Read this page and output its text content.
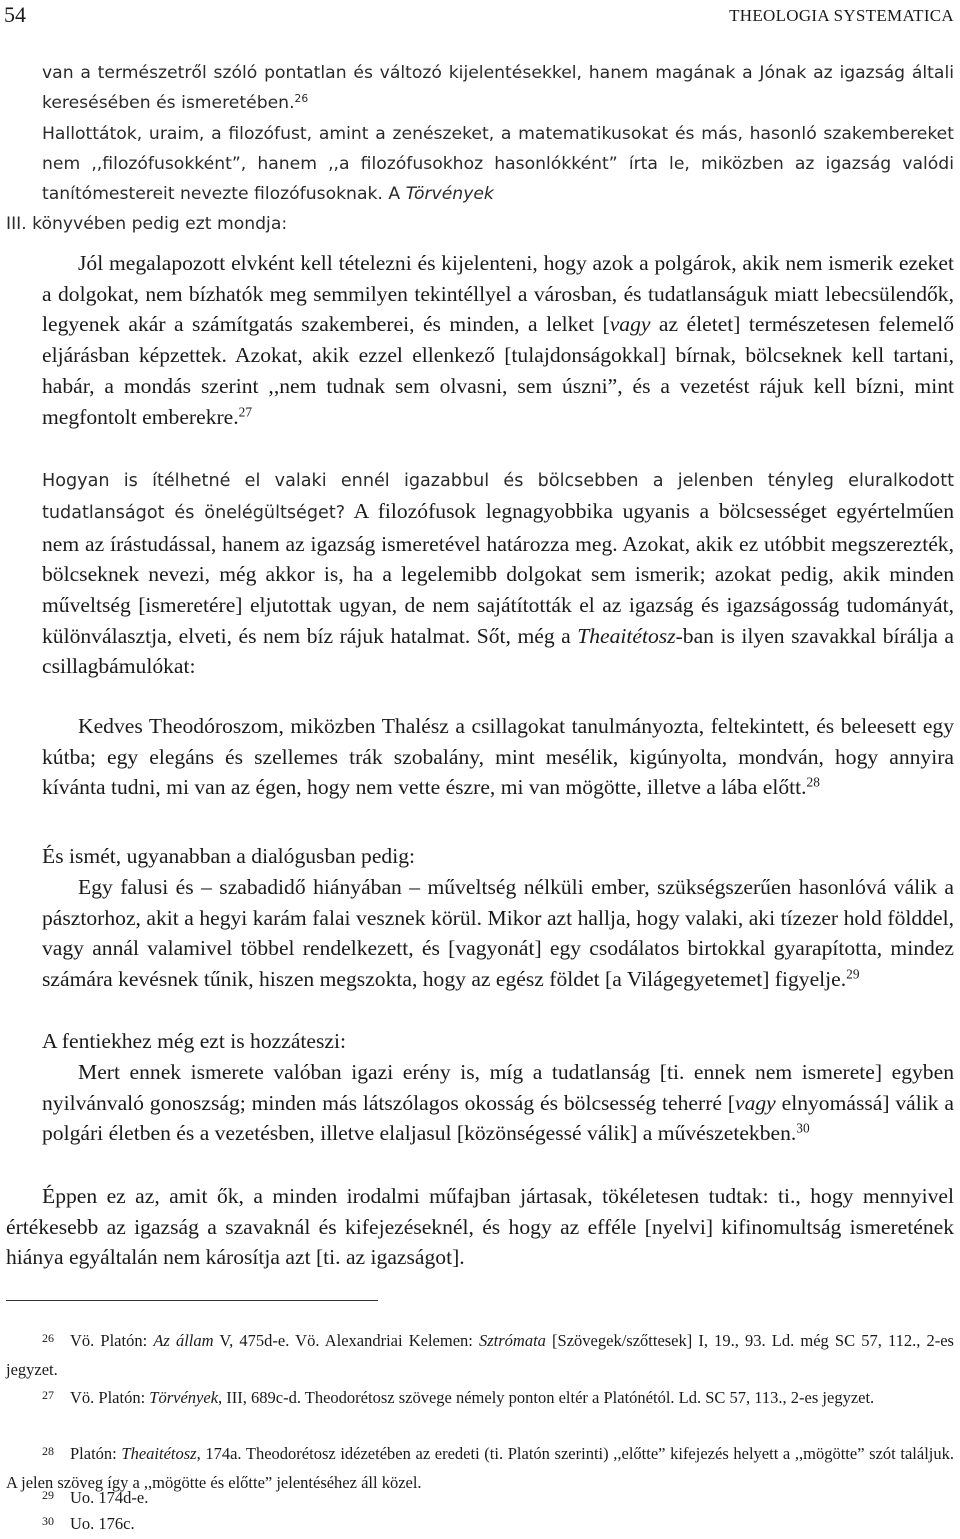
54	THEOLOGIA SYSTEMATICA

van a természetről szóló pontatlan és változó kijelentésekkel, hanem magának a Jónak az igazság általi keresésében és ismeretében.$^{26}$
Hallottátok, uraim, a filozófust, amint a zenészeket, a matematikusokat és más, hasonló szakembereket nem ,,filozófusokként”, hanem ,,a filozófusokhoz hasonlókként” írta le, miközben az igazság valódi tanítómestereit nevezte filozófusoknak. A Törvények
III. könyvében pedig ezt mondja:

Jól megalapozott elvként kell tételezni és kijelenteni, hogy azok a polgárok, akik nem ismerik ezeket a dolgokat, nem bízhatók meg semmilyen tekintéllyel a városban, és tudatlanságuk miatt lebecsülendők, legyenek akár a számítgatás szakemberei, és minden, a lelket [vagy az életet] természetesen felemelő eljárásban képzettek. Azokat, akik ezzel ellenkező [tulajdonságokkal] bírnak, bölcseknek kell tartani, habár, a mondás szerint ,,nem tudnak sem olvasni, sem úszni”, és a vezetést rájuk kell bízni, mint megfontolt emberekre.$^{27}$

Hogyan is ítélhetné el valaki ennél igazabbul és bölcsebben a jelenben tényleg eluralkodott tudatlanságot és önelégültséget? A filozófusok legnagyobbika ugyanis a bölcsességet egyértelműen nem az írástudással, hanem az igazság ismeretével határozza meg. Azokat, akik ez utóbbit megszerezték, bölcseknek nevezi, még akkor is, ha a legelemibb dolgokat sem ismerik; azokat pedig, akik minden műveltség [ismeretére] eljutottak ugyan, de nem sajátították el az igazság és igazságosság tudományát, különválasztja, elveti, és nem bíz rájuk hatalmat. Sőt, még a Theaitétosz-ban is ilyen szavakkal bírálja a csillagbámulókat:

Kedves Theodóroszom, miközben Thalész a csillagokat tanulmányozta, feltekintett, és beleesett egy kútba; egy elegáns és szellemes trák szobalány, mint mesélik, kigúnyolta, mondván, hogy annyira kívánta tudni, mi van az égen, hogy nem vette észre, mi van mögötte, illetve a lába előtt.$^{28}$

És ismét, ugyanabban a dialógusban pedig:

Egy falusi és – szabadidő hiányában – műveltség nélküli ember, szükségszerűen hasonlóvá válik a pásztorhoz, akit a hegyi karám falai vesznek körül. Mikor azt hallja, hogy valaki, aki tízezer hold földdel, vagy annál valamivel többel rendelkezett, és [vagyonát] egy csodálatos birtokkal gyarapította, mindez számára kevésnek tűnik, hiszen megszokta, hogy az egész földet [a Világegyetemet] figyelje.$^{29}$

A fentiekhez még ezt is hozzáteszi:

Mert ennek ismerete valóban igazi erény is, míg a tudatlanság [ti. ennek nem ismerete] egyben nyilvánvaló gonoszság; minden más látszólagos okosság és bölcsesség teherré [vagy elnyomássá] válik a polgári életben és a vezetésben, illetve elaljasul [közönségessé válik] a művészetekben.$^{30}$

Éppen ez az, amit ők, a minden irodalmi műfajban jártasak, tökéletesen tudtak: ti., hogy mennyivel értékesebb az igazság a szavaknál és kifejezéseknél, és hogy az efféle [nyelvi] kifinomultság ismeretének hiánya egyáltalán nem károsítja azt [ti. az igazságot].

26 Vö. Platón: Az állam V, 475d-e. Vö. Alexandriai Kelemen: Sztrómata [Szövegek/szőttesek] I, 19., 93. Ld. még SC 57, 112., 2-es jegyzet.

27 Vö. Platón: Törvények, III, 689c-d. Theodorétosz szövege némely ponton eltér a Platónétól. Ld. SC 57, 113., 2-es jegyzet.

28 Platón: Theaitétosz, 174a. Theodorétosz idézetében az eredeti (ti. Platón szerinti) ,,előtte” kifejezés helyett a ,,mögötte” szót találjuk. A jelen szöveg így a ,,mögötte és előtte” jelentéséhez áll közel.

29 Uo. 174d-e.

30 Uo. 176c.
